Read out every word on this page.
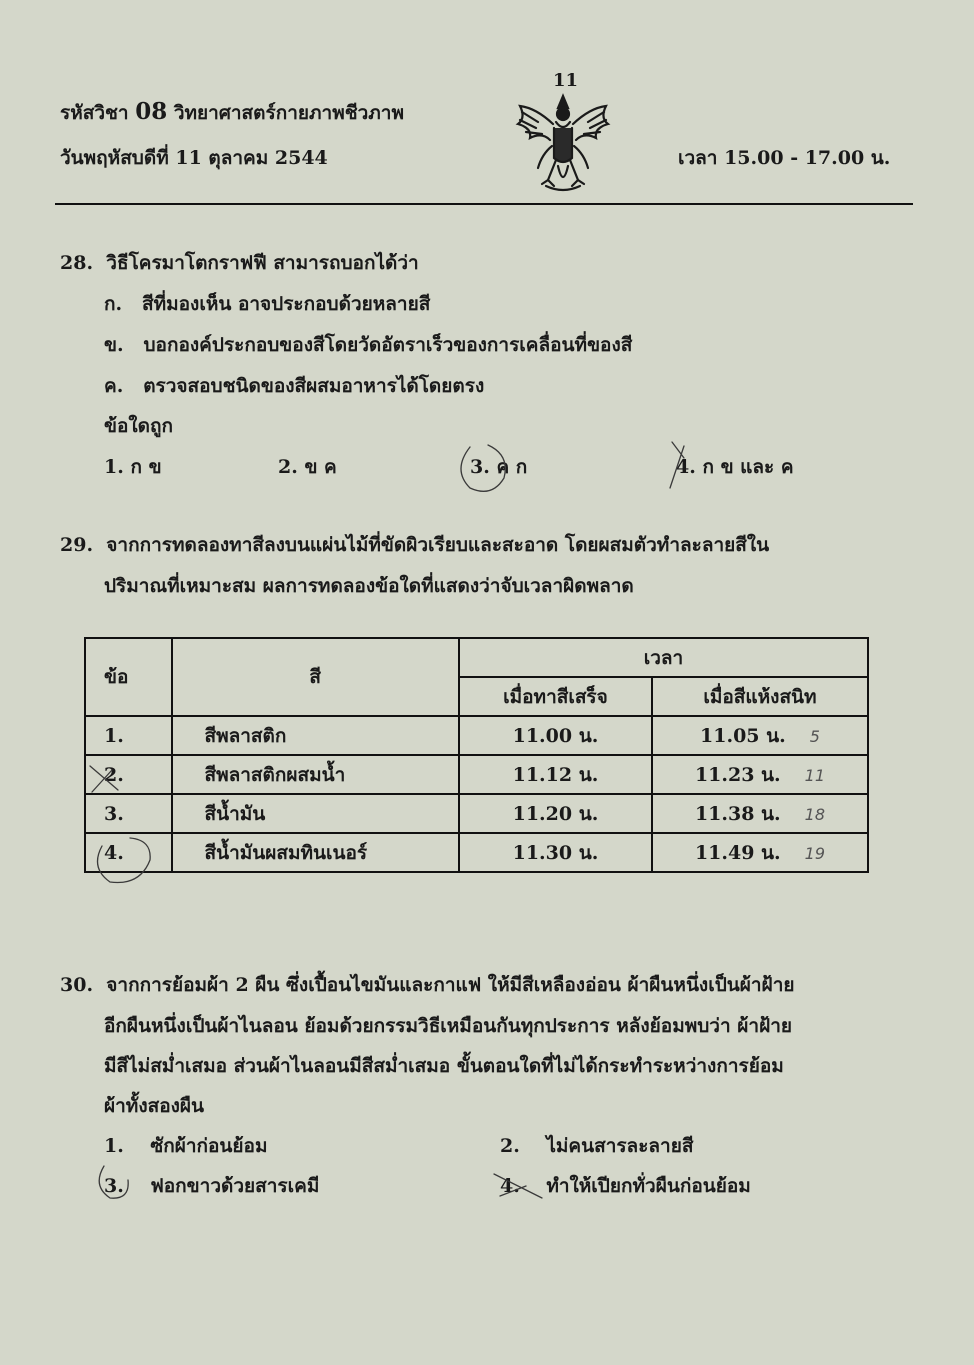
11
รหัสวิชา 08 วิทยาศาสตร์กายภาพชีวภาพ
วันพฤหัสบดีที่ 11 ตุลาคม 2544	เวลา 15.00 - 17.00 น.
28. วิธีโครมาโตกราฟฟี สามารถบอกได้ว่า
ก. สีที่มองเห็น อาจประกอบด้วยหลายสี
ข. บอกองค์ประกอบของสีโดยวัดอัตราเร็วของการเคลื่อนที่ของสี
ค. ตรวจสอบชนิดของสีผสมอาหารได้โดยตรง
ข้อใดถูก
1. ก ข	2. ข ค	3. ค ก	4. ก ข และ ค
29. จากการทดลองทาสีลงบนแผ่นไม้ที่ขัดผิวเรียบและสะอาด โดยผสมตัวทำละลายสีใน
ปริมาณที่เหมาะสม ผลการทดลองข้อใดที่แสดงว่าจับเวลาผิดพลาด
ข้อ	สี	เวลา	
		เมื่อทาสีเสร็จ	เมื่อสีแห้งสนิท
1.	สีพลาสติก	11.00 น.	11.05 น. 5
2.	สีพลาสติกผสมน้ำ	11.12 น.	11.23 น. 11
3.	สีน้ำมัน	11.20 น.	11.38 น. 18
4.	สีน้ำมันผสมทินเนอร์	11.30 น.	11.49 น. 19
30. จากการย้อมผ้า 2 ผืน ซึ่งเปื้อนไขมันและกาแฟ ให้มีสีเหลืองอ่อน ผ้าผืนหนึ่งเป็นผ้าฝ้าย
อีกผืนหนึ่งเป็นผ้าไนลอน ย้อมด้วยกรรมวิธีเหมือนกันทุกประการ หลังย้อมพบว่า ผ้าฝ้าย
มีสีไม่สม่ำเสมอ ส่วนผ้าไนลอนมีสีสม่ำเสมอ ขั้นตอนใดที่ไม่ได้กระทำระหว่างการย้อม
ผ้าทั้งสองผืน
1. ซักผ้าก่อนย้อม	2. ไม่คนสารละลายสี
3. ฟอกขาวด้วยสารเคมี	4. ทำให้เปียกทั่วผืนก่อนย้อม
